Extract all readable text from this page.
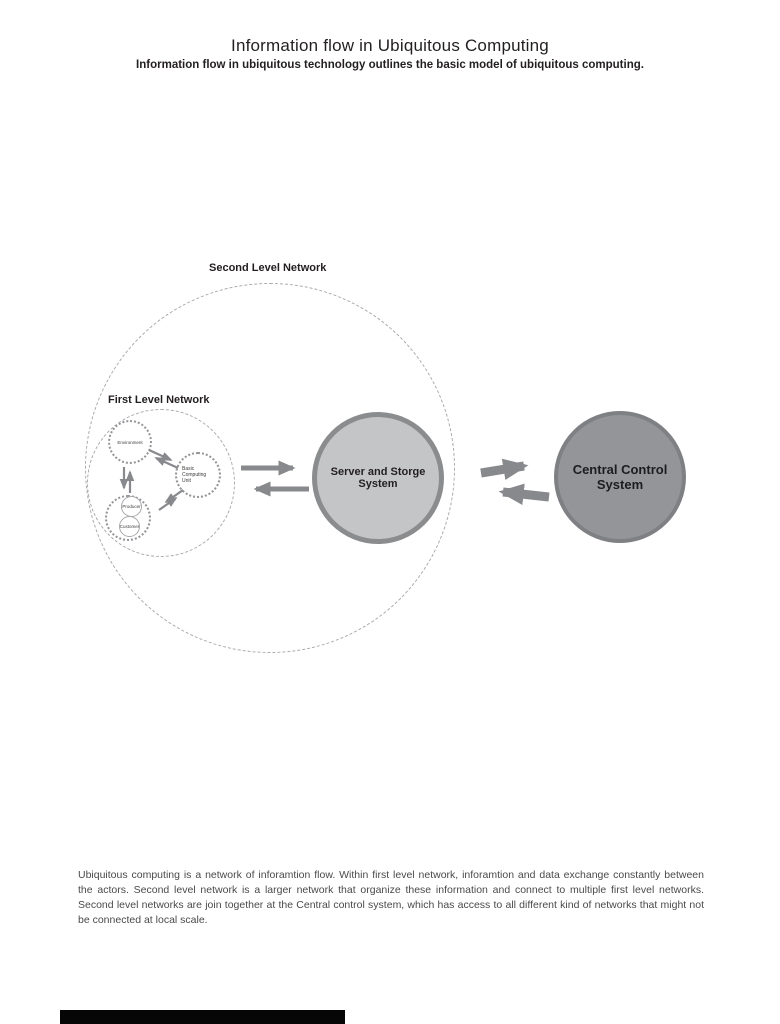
Information flow in Ubiquitous Computing
Information flow in ubiquitous technology outlines the basic model of ubiquitous computing.
Second Level Network
First Level Network
Environment
Basic Computing Unit
Producer
Customer
Server and Storge System
Central Control System
Ubiquitous computing is a network of inforamtion flow. Within first level network, inforamtion and data exchange constantly between the actors. Second level network is a larger network that organize these information and connect to multiple first level networks. Second level networks are join together at the Central control system, which has access to all different kind of networks that might not be connected at local scale.
